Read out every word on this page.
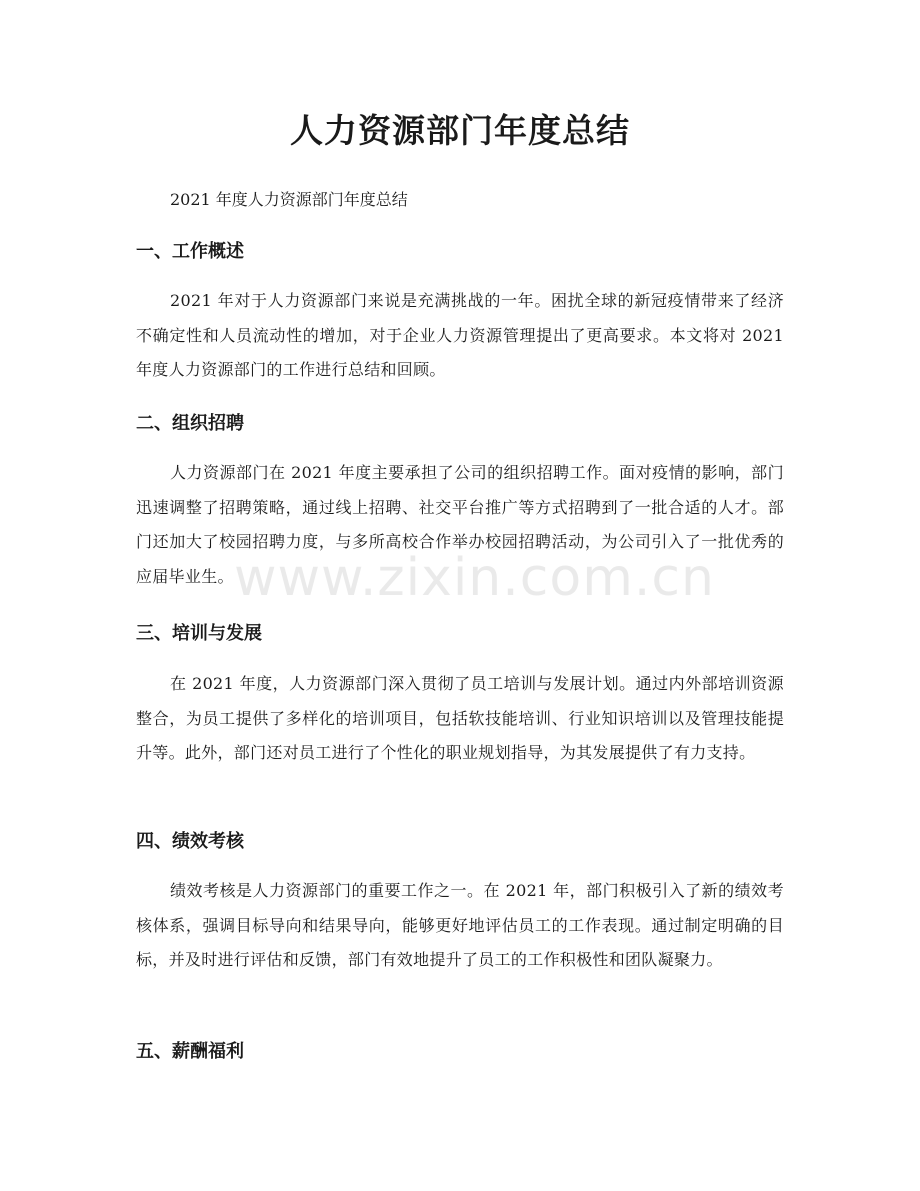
人力资源部门年度总结

2021 年度人力资源部门年度总结

一、工作概述

2021 年对于人力资源部门来说是充满挑战的一年。困扰全球的新冠疫情带来了经济不确定性和人员流动性的增加，对于企业人力资源管理提出了更高要求。本文将对 2021 年度人力资源部门的工作进行总结和回顾。

二、组织招聘

人力资源部门在 2021 年度主要承担了公司的组织招聘工作。面对疫情的影响，部门迅速调整了招聘策略，通过线上招聘、社交平台推广等方式招聘到了一批合适的人才。部门还加大了校园招聘力度，与多所高校合作举办校园招聘活动，为公司引入了一批优秀的应届毕业生。

三、培训与发展

在 2021 年度，人力资源部门深入贯彻了员工培训与发展计划。通过内外部培训资源整合，为员工提供了多样化的培训项目，包括软技能培训、行业知识培训以及管理技能提升等。此外，部门还对员工进行了个性化的职业规划指导，为其发展提供了有力支持。

四、绩效考核

绩效考核是人力资源部门的重要工作之一。在 2021 年，部门积极引入了新的绩效考核体系，强调目标导向和结果导向，能够更好地评估员工的工作表现。通过制定明确的目标，并及时进行评估和反馈，部门有效地提升了员工的工作积极性和团队凝聚力。

五、薪酬福利
www.zixin.com.cn
